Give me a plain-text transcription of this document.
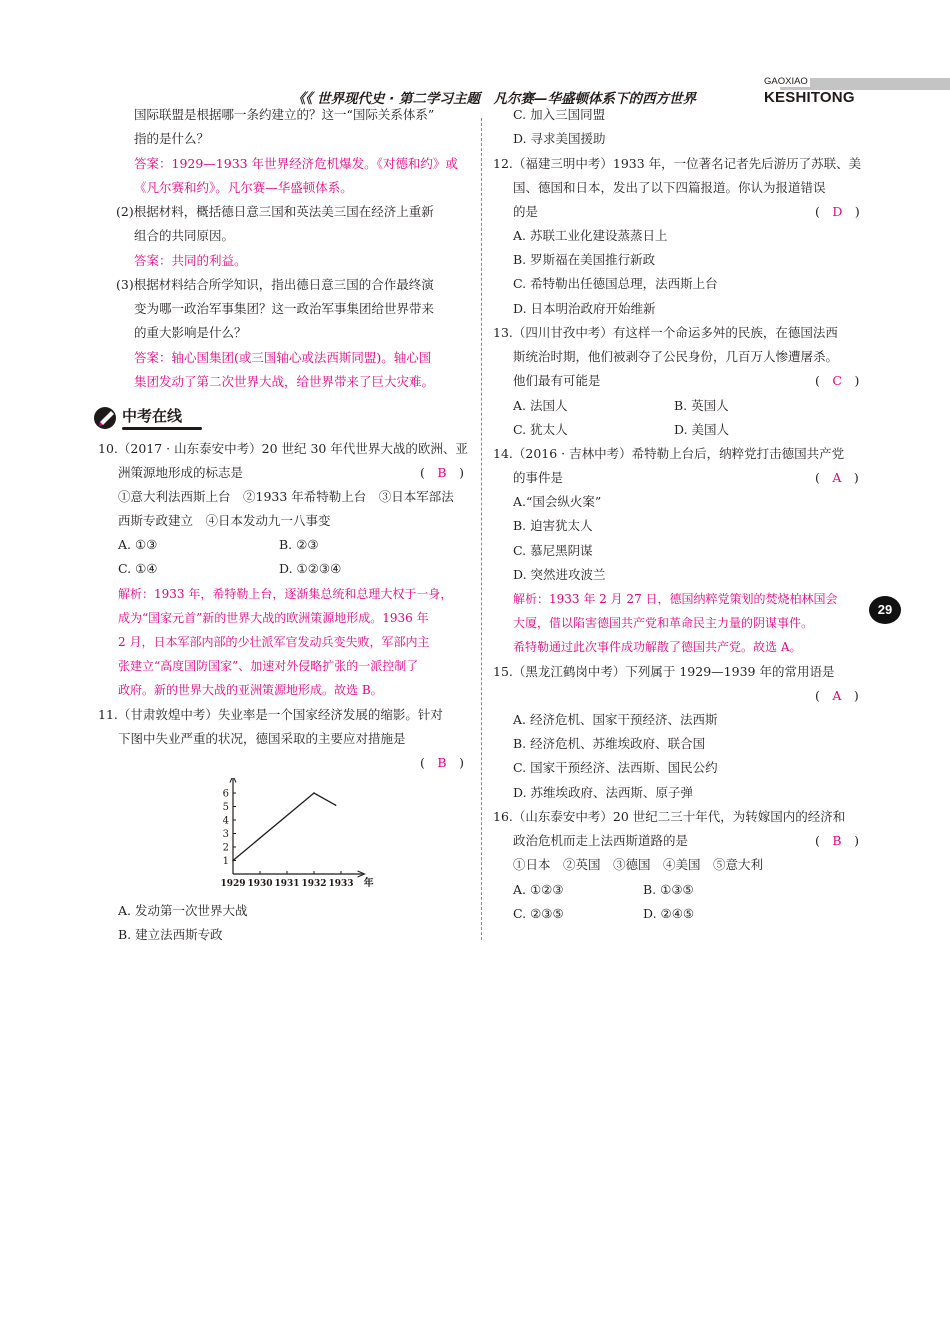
《《 世界现代史 · 第二学习主题　凡尔赛—华盛顿体系下的西方世界
GAOXIAO
KESHITONG
国际联盟是根据哪一条约建立的？这一“国际关系体系”
指的是什么？
答案：1929—1933 年世界经济危机爆发。《对德和约》或
《凡尔赛和约》。凡尔赛—华盛顿体系。
(2)根据材料，概括德日意三国和英法美三国在经济上重新
组合的共同原因。
答案：共同的利益。
(3)根据材料结合所学知识，指出德日意三国的合作最终演
变为哪一政治军事集团？这一政治军事集团给世界带来
的重大影响是什么？
答案：轴心国集团(或三国轴心或法西斯同盟)。轴心国
集团发动了第二次世界大战，给世界带来了巨大灾难。
10.（2017 · 山东泰安中考）20 世纪 30 年代世界大战的欧洲、亚
洲策源地形成的标志是	(　B　)
①意大利法西斯上台　②1933 年希特勒上台　③日本军部法
西斯专政建立　④日本发动九一八事变
A. ①③	B. ②③
C. ①④	D. ①②③④
解析：1933 年，希特勒上台，逐渐集总统和总理大权于一身，
成为“国家元首”新的世界大战的欧洲策源地形成。1936 年
2 月，日本军部内部的少壮派军官发动兵变失败，军部内主
张建立“高度国防国家”、加速对外侵略扩张的一派控制了
政府。新的世界大战的亚洲策源地形成。故选 B。
11.（甘肃敦煌中考）失业率是一个国家经济发展的缩影。针对
下图中失业严重的状况，德国采取的主要应对措施是
(　B　)
A. 发动第一次世界大战
B. 建立法西斯专政
中考在线
1
2
3
4
5
6
1929 1930 1931 1932 1933 年
C. 加入三国同盟
D. 寻求美国援助
12.（福建三明中考）1933 年，一位著名记者先后游历了苏联、美
国、德国和日本，发出了以下四篇报道。你认为报道错误
的是	(　D　)
A. 苏联工业化建设蒸蒸日上
B. 罗斯福在美国推行新政
C. 希特勒出任德国总理，法西斯上台
D. 日本明治政府开始维新
13.（四川甘孜中考）有这样一个命运多舛的民族，在德国法西
斯统治时期，他们被剥夺了公民身份，几百万人惨遭屠杀。
他们最有可能是	(　C　)
A. 法国人	B. 英国人
C. 犹太人	D. 美国人
14.（2016 · 吉林中考）希特勒上台后，纳粹党打击德国共产党
的事件是	(　A　)
A.“国会纵火案”
B. 迫害犹太人
C. 慕尼黑阴谋
D. 突然进攻波兰
解析：1933 年 2 月 27 日，德国纳粹党策划的焚烧柏林国会
大厦，借以陷害德国共产党和革命民主力量的阴谋事件。
希特勒通过此次事件成功解散了德国共产党。故选 A。
15.（黑龙江鹤岗中考）下列属于 1929—1939 年的常用语是
(　A　)
A. 经济危机、国家干预经济、法西斯
B. 经济危机、苏维埃政府、联合国
C. 国家干预经济、法西斯、国民公约
D. 苏维埃政府、法西斯、原子弹
16.（山东泰安中考）20 世纪二三十年代，为转嫁国内的经济和
政治危机而走上法西斯道路的是	(　B　)
①日本　②英国　③德国　④美国　⑤意大利
A. ①②③	B. ①③⑤
C. ②③⑤	D. ②④⑤
29
